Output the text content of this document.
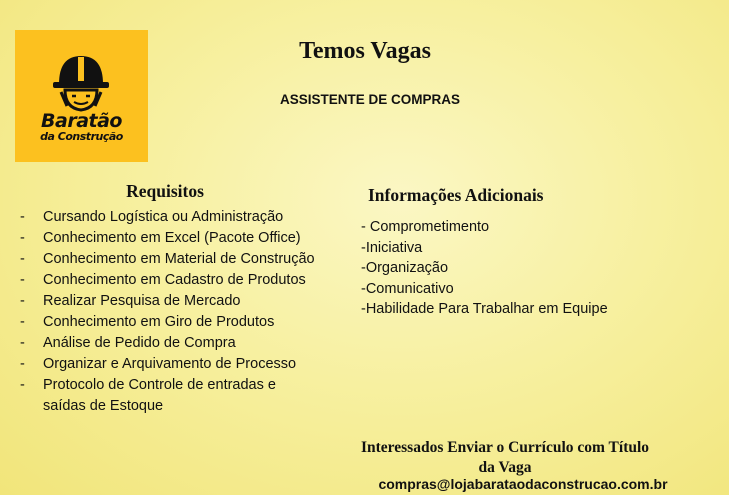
Baratão
da Construção
Temos Vagas
ASSISTENTE DE COMPRAS
Requisitos
- Cursando Logística ou Administração
- Conhecimento em Excel (Pacote Office)
- Conhecimento em Material de Construção
- Conhecimento em Cadastro de Produtos
- Realizar Pesquisa de Mercado
- Conhecimento em Giro de Produtos
- Análise de Pedido de Compra
- Organizar e Arquivamento de Processo
- Protocolo de Controle de entradas e saídas de Estoque
Informações Adicionais
- Comprometimento
-Iniciativa
-Organização
-Comunicativo
-Habilidade Para Trabalhar em Equipe
Interessados Enviar o Currículo com Título da Vaga
compras@lojabarataodaconstrucao.com.br
